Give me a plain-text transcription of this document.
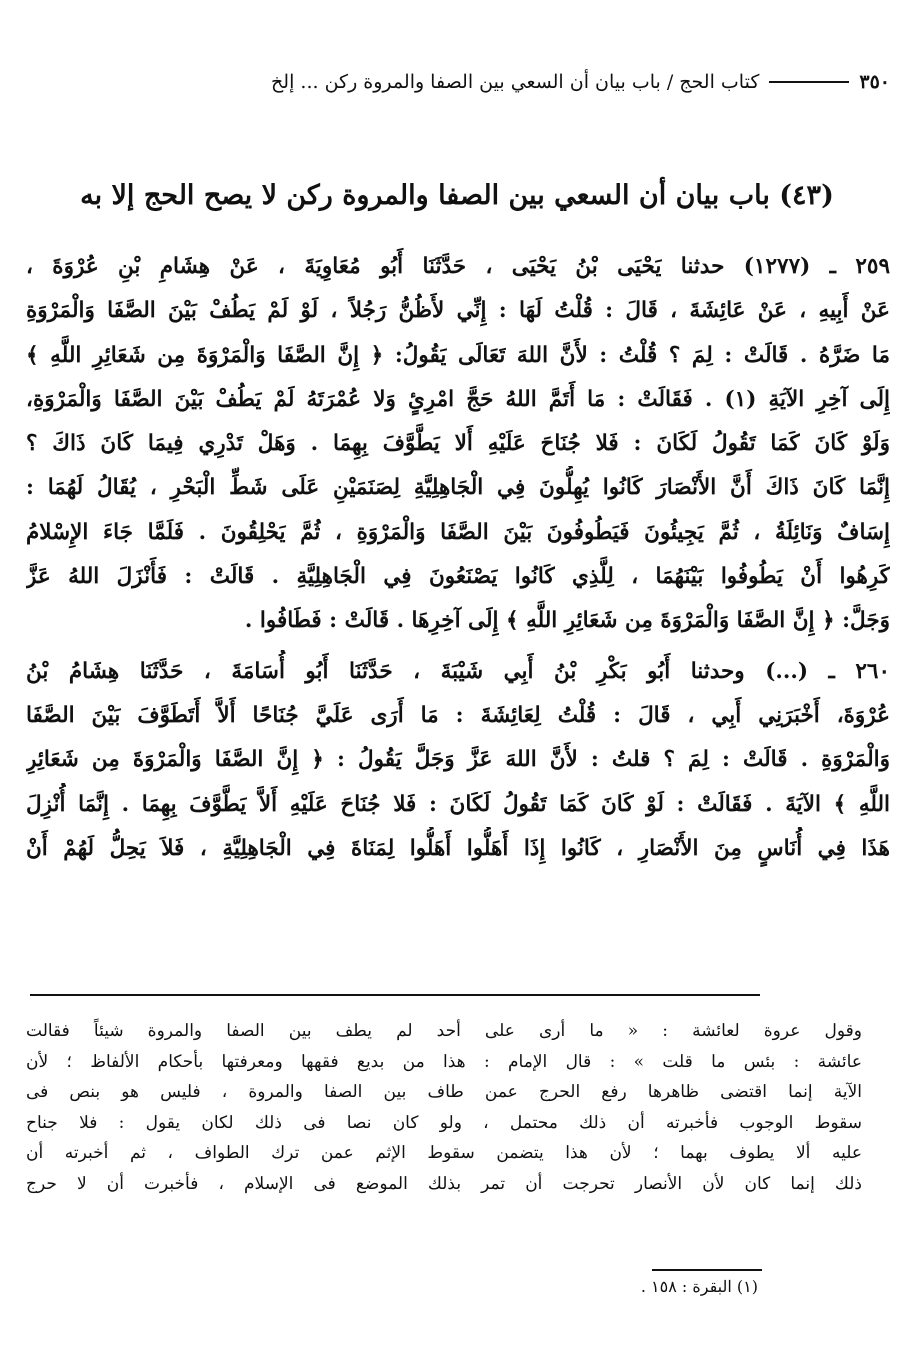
٣٥٠
كتاب الحج / باب بيان أن السعي بين الصفا والمروة ركن ... إلخ
(٤٣) باب بيان أن السعي بين الصفا والمروة ركن لا يصح الحج إلا به
٢٥٩ ـ (١٢٧٧) حدثنا يَحْيَى بْنُ يَحْيَى ، حَدَّثَنَا أَبُو مُعَاوِيَةَ ، عَنْ هِشَامِ بْنِ عُرْوَةَ ،
عَنْ أَبِيهِ ، عَنْ عَائِشَةَ ، قَالَ : قُلْتُ لَهَا : إِنِّي لأَظُنُّ رَجُلاً ، لَوْ لَمْ يَطُفْ بَيْنَ الصَّفَا وَالْمَرْوَةِ
مَا ضَرَّهُ . قَالَتْ : لِمَ ؟ قُلْتُ : لأَنَّ اللهَ تَعَالَى يَقُولُ: ﴿ إِنَّ الصَّفَا وَالْمَرْوَةَ مِن شَعَائِرِ اللَّهِ ﴾
إِلَى آخِرِ الآيَةِ (١) . فَقَالَتْ : مَا أَتَمَّ اللهُ حَجَّ امْرِئٍ وَلا عُمْرَتَهُ لَمْ يَطُفْ بَيْنَ الصَّفَا وَالْمَرْوَةِ،
وَلَوْ كَانَ كَمَا تَقُولُ لَكَانَ : فَلا جُنَاحَ عَلَيْهِ أَلا يَطَّوَّفَ بِهِمَا . وَهَلْ تَدْرِي فِيمَا كَانَ ذَاكَ ؟
إِنَّمَا كَانَ ذَاكَ أَنَّ الأَنْصَارَ كَانُوا يُهِلُّونَ فِي الْجَاهِلِيَّةِ لِصَنَمَيْنِ عَلَى شَطِّ الْبَحْرِ ، يُقَالُ لَهُمَا :
إِسَافٌ وَنَائِلَةُ ، ثُمَّ يَجِيئُونَ فَيَطُوفُونَ بَيْنَ الصَّفَا وَالْمَرْوَةِ ، ثُمَّ يَحْلِقُونَ . فَلَمَّا جَاءَ الإِسْلامُ
كَرِهُوا أَنْ يَطُوفُوا بَيْنَهُمَا ، لِلَّذِي كَانُوا يَصْنَعُونَ فِي الْجَاهِلِيَّةِ . قَالَتْ : فَأَنْزَلَ اللهُ عَزَّ
وَجَلَّ: ﴿ إِنَّ الصَّفَا وَالْمَرْوَةَ مِن شَعَائِرِ اللَّهِ ﴾ إِلَى آخِرِهَا . قَالَتْ : فَطَافُوا .
٢٦٠ ـ (...) وحدثنا أَبُو بَكْرِ بْنُ أَبِي شَيْبَةَ ، حَدَّثَنَا أَبُو أُسَامَةَ ، حَدَّثَنَا هِشَامُ بْنُ
عُرْوَةَ، أَخْبَرَنِي أَبِي ، قَالَ : قُلْتُ لِعَائِشَةَ : مَا أَرَى عَلَيَّ جُنَاحًا أَلاَّ أَتَطَوَّفَ بَيْنَ الصَّفَا
وَالْمَرْوَةِ . قَالَتْ : لِمَ ؟ قلتُ : لأَنَّ اللهَ عَزَّ وَجَلَّ يَقُولُ : ﴿ إِنَّ الصَّفَا وَالْمَرْوَةَ مِن شَعَائِرِ
اللَّهِ ﴾ الآيَةَ . فَقَالَتْ : لَوْ كَانَ كَمَا تَقُولُ لَكَانَ : فَلا جُنَاحَ عَلَيْهِ أَلاَّ يَطَّوَّفَ بِهِمَا . إِنَّمَا أُنْزِلَ
هَذَا فِي أُنَاسٍ مِنَ الأَنْصَارِ ، كَانُوا إِذَا أَهَلُّوا أَهَلُّوا لِمَنَاةَ فِي الْجَاهِلِيَّةِ ، فَلاَ يَحِلُّ لَهُمْ أَنْ
وقول عروة لعائشة : « ما أرى على أحد لم يطف بين الصفا والمروة شيئاً فقالت
عائشة : بئس ما قلت » : قال الإمام : هذا من بديع فقهها ومعرفتها بأحكام الألفاظ ؛ لأن
الآية إنما اقتضى ظاهرها رفع الحرج عمن طاف بين الصفا والمروة ، فليس هو بنص فى
سقوط الوجوب فأخبرته أن ذلك محتمل ، ولو كان نصا فى ذلك لكان يقول : فلا جناح
عليه ألا يطوف بهما ؛ لأن هذا يتضمن سقوط الإثم عمن ترك الطواف ، ثم أخبرته أن
ذلك إنما كان لأن الأنصار تحرجت أن تمر بذلك الموضع فى الإسلام ، فأخبرت أن لا حرج
(١) البقرة : ١٥٨ .
